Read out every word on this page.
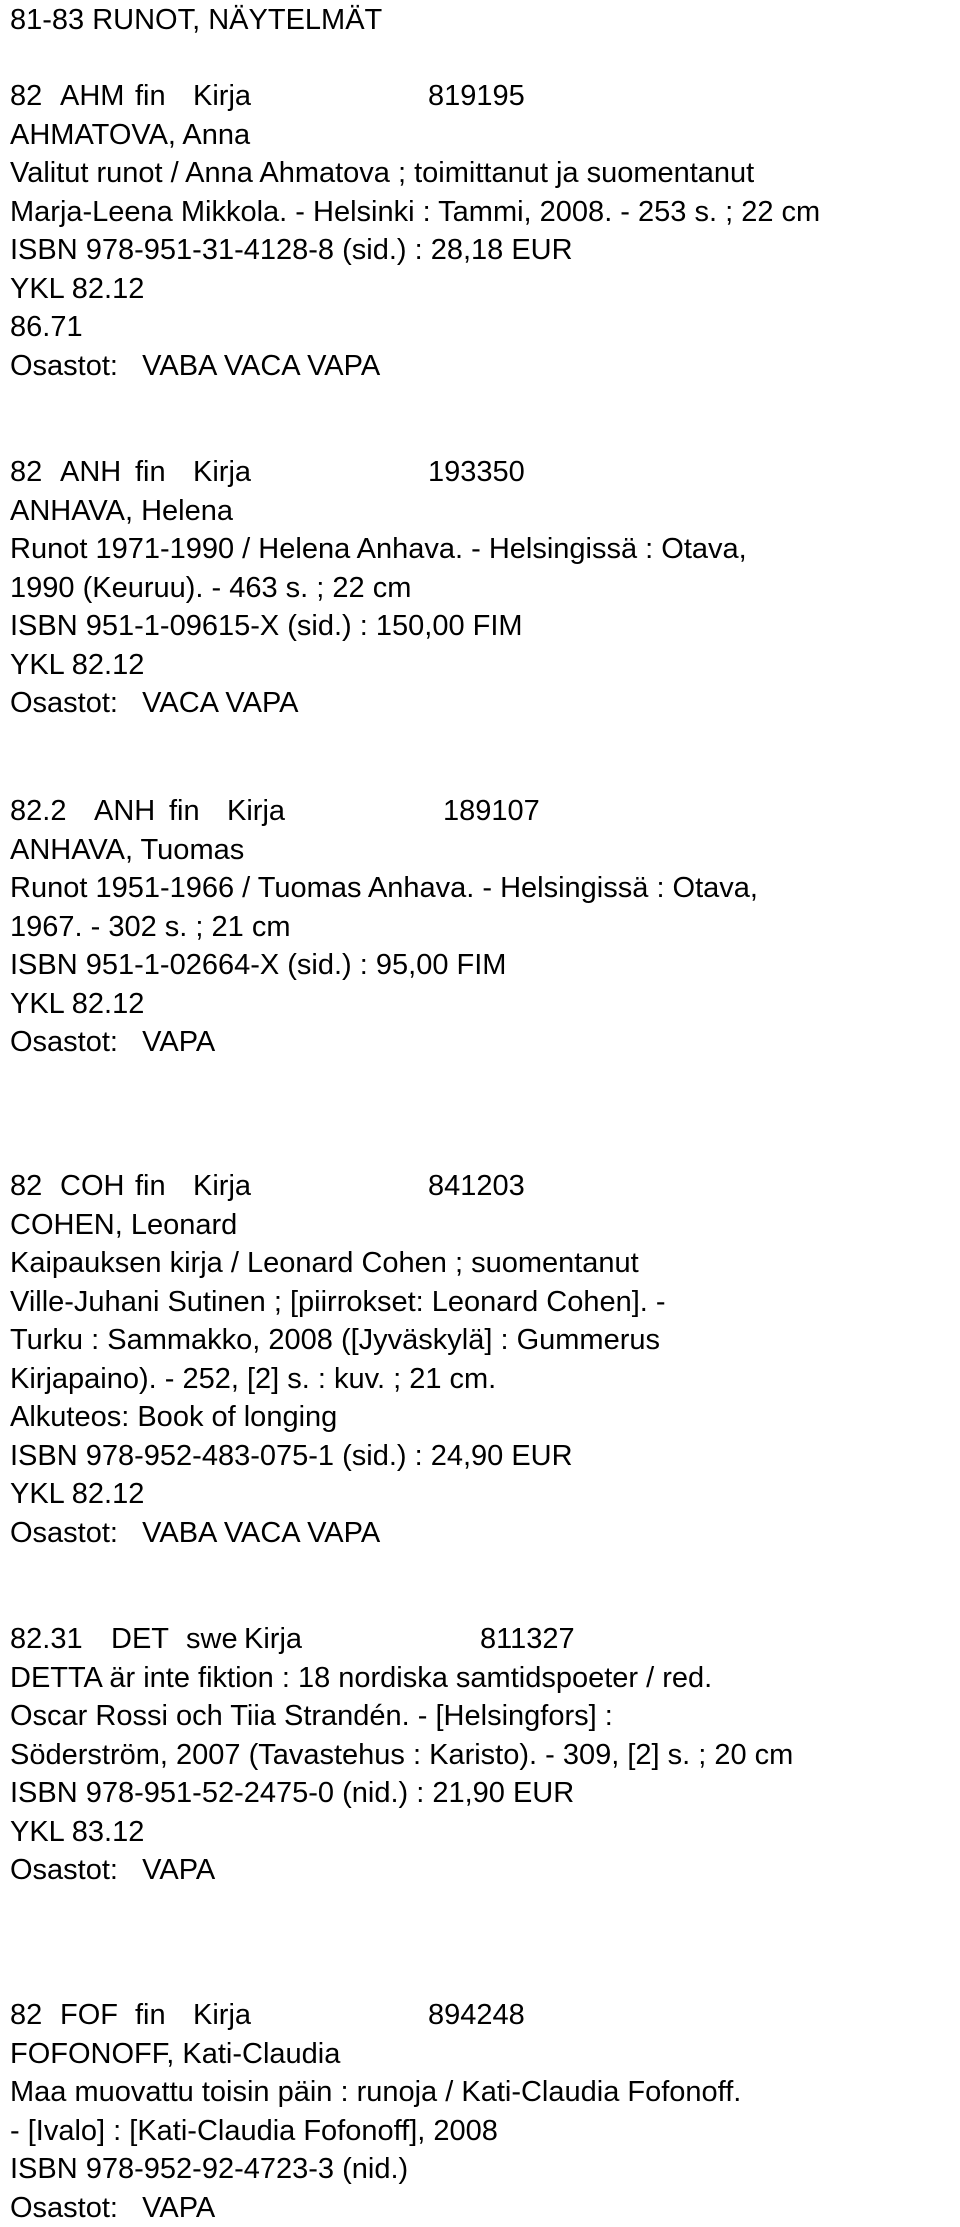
81-83 RUNOT, NÄYTELMÄT
82 AHM fin Kirja	819195
AHMATOVA, Anna
Valitut runot / Anna Ahmatova ; toimittanut ja suomentanut
Marja-Leena Mikkola. - Helsinki : Tammi, 2008. - 253 s. ; 22 cm
ISBN 978-951-31-4128-8 (sid.) : 28,18 EUR
YKL 82.12
86.71
Osastot:   VABA VACA VAPA
82 ANH fin Kirja	193350
ANHAVA, Helena
Runot 1971-1990 / Helena Anhava. - Helsingissä : Otava,
1990 (Keuruu). - 463 s. ; 22 cm
ISBN 951-1-09615-X (sid.) : 150,00 FIM
YKL 82.12
Osastot:   VACA VAPA
82.2 ANH fin Kirja	189107
ANHAVA, Tuomas
Runot 1951-1966 / Tuomas Anhava. - Helsingissä : Otava,
1967. - 302 s. ; 21 cm
ISBN 951-1-02664-X (sid.) : 95,00 FIM
YKL 82.12
Osastot:   VAPA
82 COH fin Kirja	841203
COHEN, Leonard
Kaipauksen kirja / Leonard Cohen ; suomentanut
Ville-Juhani Sutinen ; [piirrokset: Leonard Cohen]. -
Turku : Sammakko, 2008 ([Jyväskylä] : Gummerus
Kirjapaino). - 252, [2] s. : kuv. ; 21 cm.
Alkuteos: Book of longing
ISBN 978-952-483-075-1 (sid.) : 24,90 EUR
YKL 82.12
Osastot:   VABA VACA VAPA
82.31 DET swe Kirja	811327
DETTA är inte fiktion : 18 nordiska samtidspoeter / red.
Oscar Rossi och Tiia Strandén. - [Helsingfors] :
Söderström, 2007 (Tavastehus : Karisto). - 309, [2] s. ; 20 cm
ISBN 978-951-52-2475-0 (nid.) : 21,90 EUR
YKL 83.12
Osastot:   VAPA
82 FOF fin Kirja	894248
FOFONOFF, Kati-Claudia
Maa muovattu toisin päin : runoja / Kati-Claudia Fofonoff.
- [Ivalo] : [Kati-Claudia Fofonoff], 2008
ISBN 978-952-92-4723-3 (nid.)
Osastot:   VAPA
